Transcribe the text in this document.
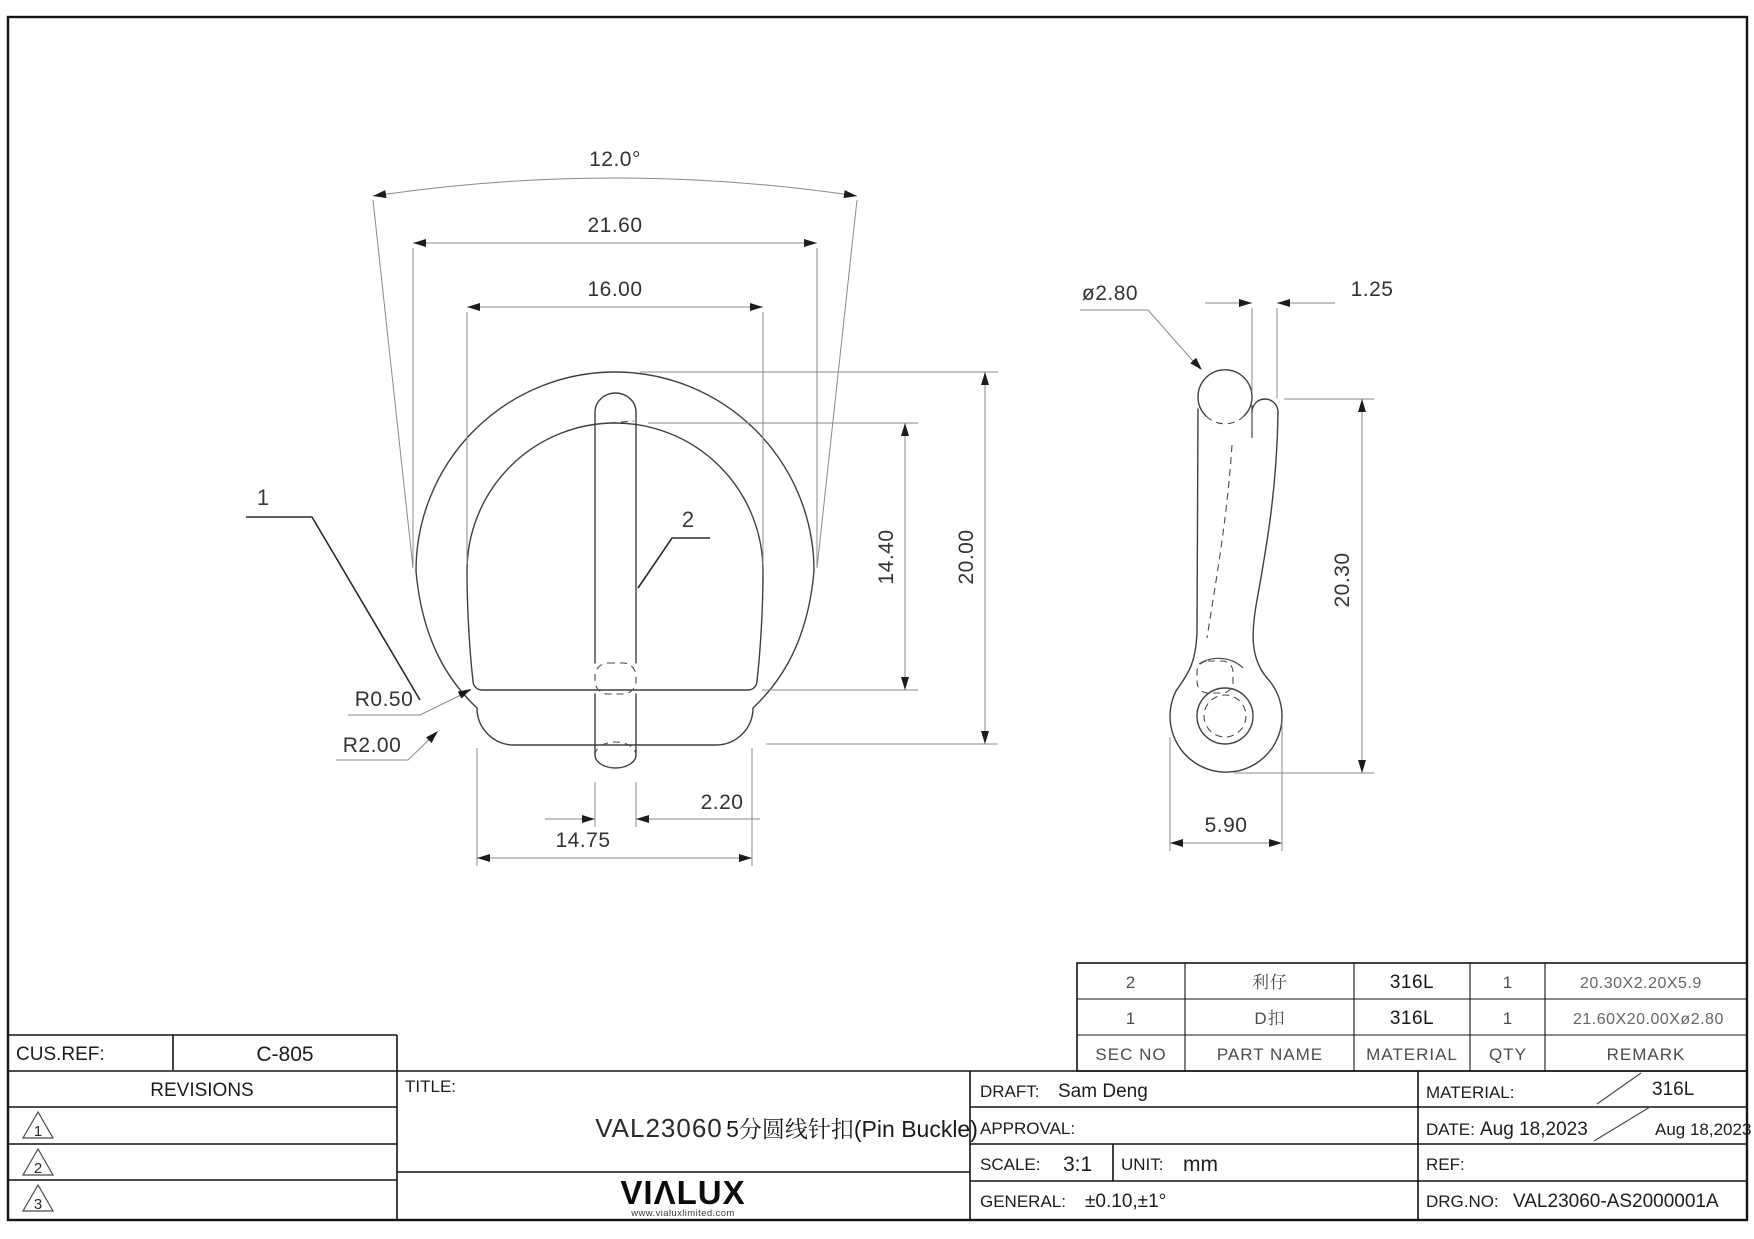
12.0°
21.60
16.00
14.40	20.00
2.20
14.75
1
2
R0.50
R2.00
ø2.80	1.25
20.30
5.90
2	利仔	316L	1	20.30X2.20X5.9
1	D扣	316L	1	21.60X20.00Xø2.80
SEC NO	PART NAME	MATERIAL QTY	REMARK
CUS.REF:	C-805
REVISIONS
1
2
3
TITLE:
VAL23060 5分圆线针扣(Pin Buckle)
VIΛLUX
www.vialuxlimited.com
DRAFT: Sam Deng	MATERIAL:	316L
APPROVAL:	DATE: Aug 18,2023	Aug 18,2023
SCALE: 3:1 UNIT: mm	REF:
GENERAL: ±0.10,±1°	DRG.NO: VAL23060-AS2000001A
